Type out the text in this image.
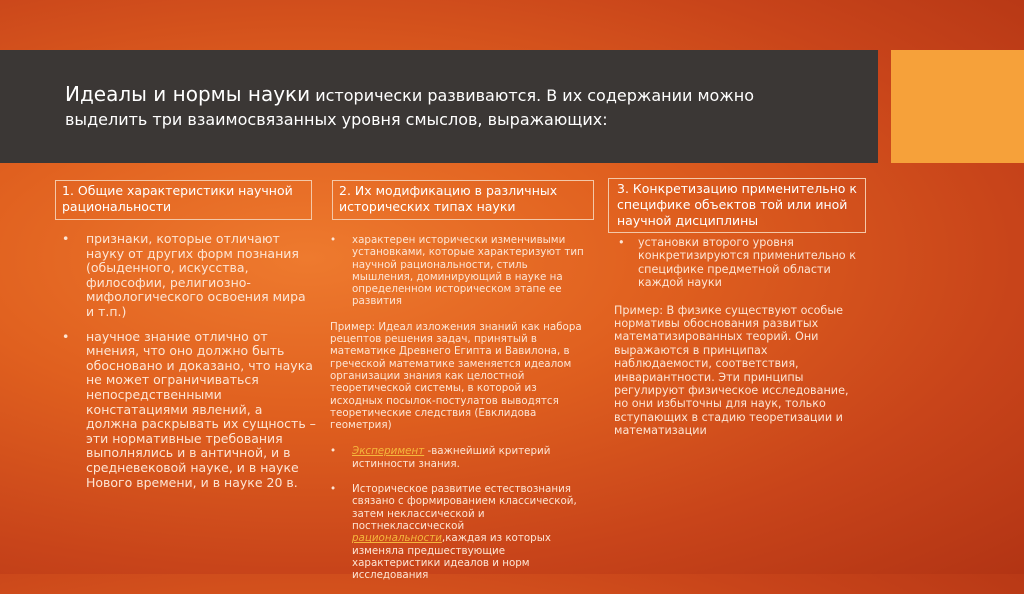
Идеалы и нормы науки исторически развиваются. В их содержании можно
выделить три взаимосвязанных уровня смыслов, выражающих:
1. Общие характеристики научной рациональности
2. Их модификацию в различных исторических типах науки
3. Конкретизацию применительно к специфике объектов той или иной научной дисциплины
• признаки, которые отличают науку от других форм познания (обыденного, искусства, философии, религиозно-мифологического освоения мира и т.п.)
• научное знание отлично от мнения, что оно должно быть обосновано и доказано, что наука не может ограничиваться непосредственными констатациями явлений, а должна раскрывать их сущность – эти нормативные требования выполнялись и в античной, и в средневековой науке, и в науке Нового времени, и в науке 20 в.
• характерен исторически изменчивыми установками, которые характеризуют тип научной рациональности, стиль мышления, доминирующий в науке на определенном историческом этапе ее развития

Пример: Идеал изложения знаний как набора рецептов решения задач, принятый в математике Древнего Египта и Вавилона, в греческой математике заменяется идеалом организации знания как целостной теоретической системы, в которой из исходных посылок-постулатов выводятся теоретические следствия (Евклидова геометрия)

• Эксперимент -важнейший критерий истинности знания.
• Историческое развитие естествознания связано с формированием классической, затем неклассической и постнеклассической рациональности,каждая из которых изменяла предшествующие характеристики идеалов и норм исследования
• установки второго уровня конкретизируются применительно к специфике предметной области каждой науки

Пример: В физике существуют особые нормативы обоснования развитых математизированных теорий. Они выражаются в принципах наблюдаемости, соответствия, инвариантности. Эти принципы регулируют физическое исследование, но они избыточны для наук, только вступающих в стадию теоретизации и математизации
